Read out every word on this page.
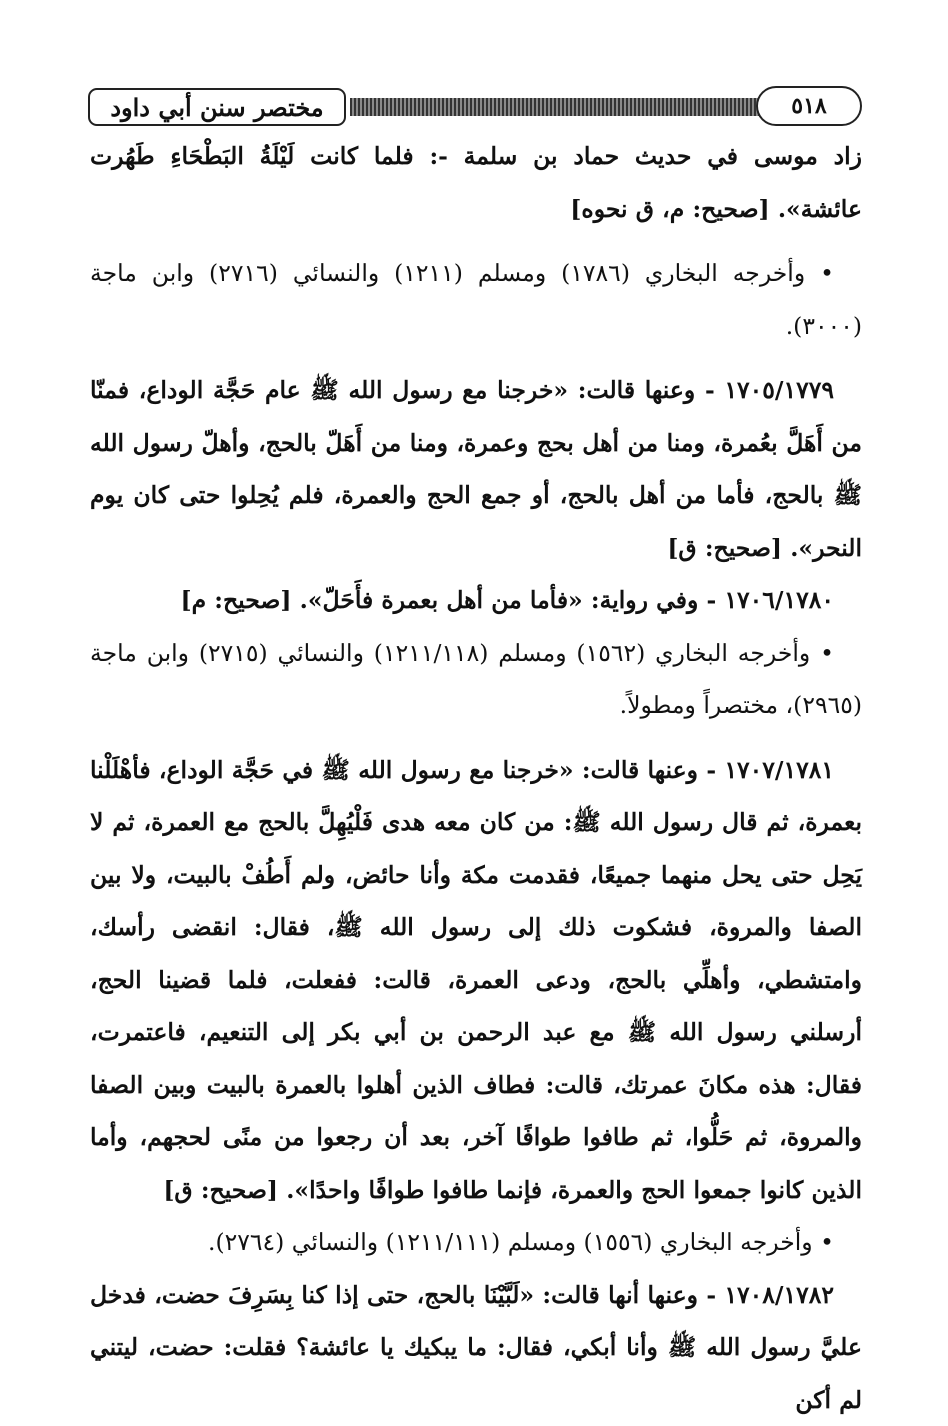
مختصر سنن أبي داود	٥١٨

زاد موسى في حديث حماد بن سلمة -: فلما كانت لَيْلَةُ البَطْحَاءِ طَهُرت عائشة». [صحيح: م، ق نحوه]

• وأخرجه البخاري (١٧٨٦) ومسلم (١٢١١) والنسائي (٢٧١٦) وابن ماجة (٣٠٠٠).

١٧٠٥/١٧٧٩ - وعنها قالت: «خرجنا مع رسول الله ﷺ عام حَجَّة الوداع، فمنّا من أَهَلَّ بعُمرة، ومنا من أهل بحج وعمرة، ومنا من أَهَلّ بالحج، وأهلّ رسول الله ﷺ بالحج، فأما من أهل بالحج، أو جمع الحج والعمرة، فلم يُحِلوا حتى كان يوم النحر». [صحيح: ق]

١٧٠٦/١٧٨٠ - وفي رواية: «فأما من أهل بعمرة فأَحَلّ». [صحيح: م]

• وأخرجه البخاري (١٥٦٢) ومسلم (١٢١١/١١٨) والنسائي (٢٧١٥) وابن ماجة (٢٩٦٥)، مختصراً ومطولاً.

١٧٠٧/١٧٨١ - وعنها قالت: «خرجنا مع رسول الله ﷺ في حَجَّة الوداع، فأهْلَلْنا بعمرة، ثم قال رسول الله ﷺ: من كان معه هدى فَلْيُهِلَّ بالحج مع العمرة، ثم لا يَحِل حتى يحل منهما جميعًا، فقدمت مكة وأنا حائض، ولم أَطُفْ بالبيت، ولا بين الصفا والمروة، فشكوت ذلك إلى رسول الله ﷺ، فقال: انقضى رأسك، وامتشطي، وأهلِّي بالحج، ودعى العمرة، قالت: ففعلت، فلما قضينا الحج، أرسلني رسول الله ﷺ مع عبد الرحمن بن أبي بكر إلى التنعيم، فاعتمرت، فقال: هذه مكانَ عمرتك، قالت: فطاف الذين أهلوا بالعمرة بالبيت وبين الصفا والمروة، ثم حَلُّوا، ثم طافوا طوافًا آخر، بعد أن رجعوا من منًى لحجهم، وأما الذين كانوا جمعوا الحج والعمرة، فإنما طافوا طوافًا واحدًا». [صحيح: ق]

• وأخرجه البخاري (١٥٥٦) ومسلم (١٢١١/١١١) والنسائي (٢٧٦٤).

١٧٠٨/١٧٨٢ - وعنها أنها قالت: «لَبَّيْنَا بالحج، حتى إذا كنا بِسَرِفَ حضت، فدخل عليَّ رسول الله ﷺ وأنا أبكي، فقال: ما يبكيك يا عائشة؟ فقلت: حضت، ليتني لم أكن
